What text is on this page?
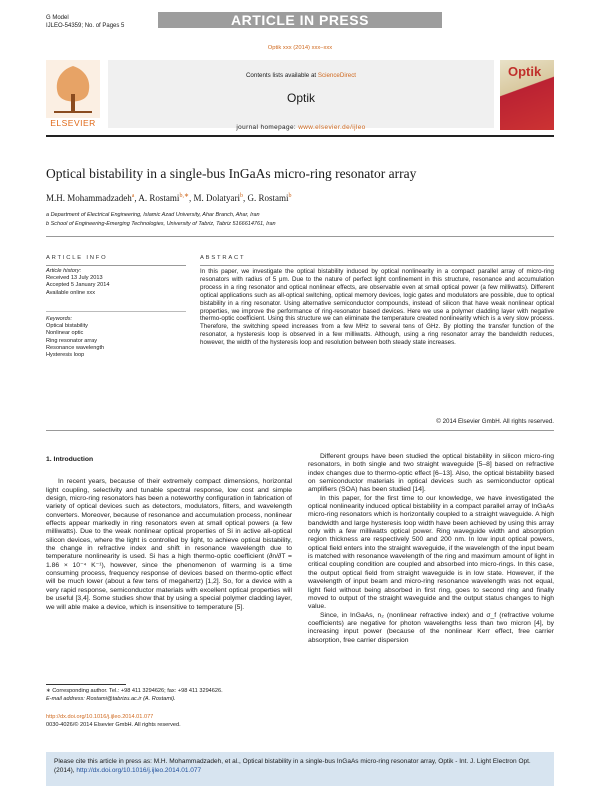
G Model
IJLEO-54359; No. of Pages 5	ARTICLE IN PRESS
Optik xxx (2014) xxx–xxx
ELSEVIER
Contents lists available at ScienceDirect
Optik
journal homepage: www.elsevier.de/ijleo
Optik
Optical bistability in a single-bus InGaAs micro-ring resonator array
M.H. Mohammadzadeh$^a$, A. Rostami$^{b,∗}$, M. Dolatyari$^b$, G. Rostami$^b$
a Department of Electrical Engineering, Islamic Azad University, Ahar Branch, Ahar, Iran
b School of Engineering-Emerging Technologies, University of Tabriz, Tabriz 5166614761, Iran
ARTICLE INFO
Article history:
Received 13 July 2013
Accepted 5 January 2014
Available online xxx
Keywords:
Optical bistability
Nonlinear optic
Ring resonator array
Resonance wavelength
Hysteresis loop
ABSTRACT
In this paper, we investigate the optical bistability induced by optical nonlinearity in a compact parallel array of micro-ring resonators with radius of 5 μm. Due to the nature of perfect light confinement in this structure, resonance and accumulation process in a ring resonator and optical nonlinear effects, are observable even at small optical power (a few milliwatts). Different optical applications such as all-optical switching, optical memory devices, logic gates and modulators are possible, due to optical bistability in a ring resonator. Using alternative semiconductor compounds, instead of silicon that have weak nonlinear optical properties, we improve the performance of ring-resonator based devices. Here we use a polymer cladding layer with negative thermo-optic coefficient. Using this structure we can eliminate the temperature created nonlinearity which is a very slow process. Therefore, the switching speed increases from a few MHz to several tens of GHz. By plotting the transfer function of the resonator, a hysteresis loop is observed in a few milliwatts. Although, using a ring resonator array the bandwidth reduces, however, the width of the hysteresis loop and resolution between both steady state increases.
© 2014 Elsevier GmbH. All rights reserved.

1. Introduction

In recent years, because of their extremely compact dimensions, horizontal light coupling, selectivity and tunable spectral response, low cost and simple design, micro-ring resonators has been a noteworthy configuration in fabrication of variety of optical devices such as detectors, modulators, filters, and wavelength converters. Moreover, because of resonance and accumulation process, nonlinear effects appear markedly in ring resonators even at small optical powers (a few milliwatts). Due to the weak nonlinear optical properties of Si in active all-optical silicon devices, where the light is controlled by light, to achieve optical bistability, the change in refractive index and shift in resonance wavelength due to temperature nonlinearity is used. Si has a high thermo-optic coefficient (∂n/∂T = 1.86 × 10⁻⁴ K⁻¹), however, since the phenomenon of warming is a time consuming process, frequency response of devices based on thermo-optic effect will be much lower (about a few tens of megahertz) [1,2]. So, for a device with a very rapid response, semiconductor materials with excellent optical properties will be useful [3,4]. Some studies show that by using a special polymer cladding layer, we will able make a device, which is insensitive to temperature [5].

Different groups have been studied the optical bistability in silicon micro-ring resonators, in both single and two straight waveguide [5–8] based on refractive index changes due to thermo-optic effect [6–13]. Also, the optical bistability based on semiconductor materials in optical devices such as semiconductor optical amplifiers (SOA) has been studied [14].

In this paper, for the first time to our knowledge, we have investigated the optical nonlinearity induced optical bistability in a compact parallel array of InGaAs micro-ring resonators which is horizontally coupled to a straight waveguide. A high bandwidth and large hysteresis loop width have been achieved by using this array only with a few milliwatts optical power. Ring waveguide width and absorption region thickness are respectively 500 and 200 nm. In low input optical powers, optical field enters into the straight waveguide, if the wavelength of the input beam is matched with resonance wavelength of the ring and maximum amount of light in critical coupling condition are coupled and absorbed into micro-rings. In this case, the output optical field from straight waveguide is in low state. However, if the wavelength of input beam and micro-ring resonance wavelength was not equal, light field without being absorbed in first ring, goes to second ring and finally moved to output of the straight waveguide and the output status changes to high value.

Since, in InGaAs, n₂ (nonlinear refractive index) and σ_f (refractive volume coefficients) are negative for photon wavelengths less than two micron [4], by increasing input power (because of the nonlinear Kerr effect, free carrier absorption, free carrier dispersion

∗ Corresponding author. Tel.: +98 411 3294626; fax: +98 411 3294626.
E-mail address: Rostami@tabrizu.ac.ir (A. Rostami).
http://dx.doi.org/10.1016/j.ijleo.2014.01.077
0030-4026/© 2014 Elsevier GmbH. All rights reserved.
Please cite this article in press as: M.H. Mohammadzadeh, et al., Optical bistability in a single-bus InGaAs micro-ring resonator array, Optik - Int. J. Light Electron Opt. (2014), http://dx.doi.org/10.1016/j.ijleo.2014.01.077
